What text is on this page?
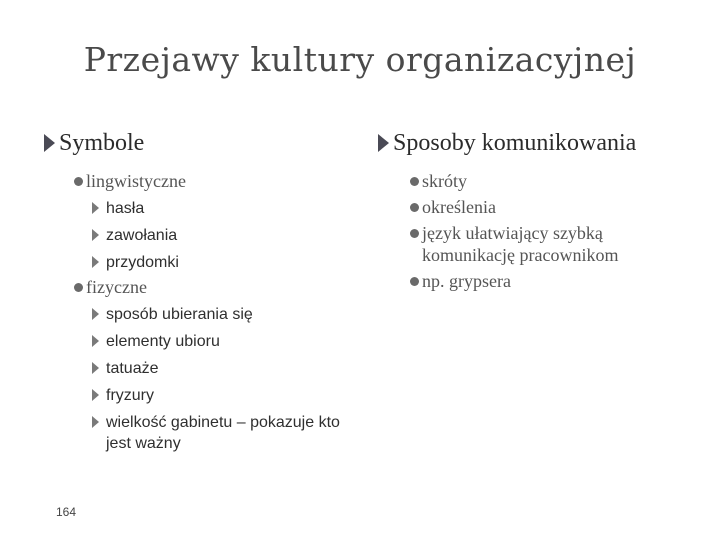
Przejawy kultury organizacyjnej
Symbole
lingwistyczne
hasła
zawołania
przydomki
fizyczne
sposób ubierania się
elementy ubioru
tatuaże
fryzury
wielkość gabinetu – pokazuje kto jest ważny
Sposoby komunikowania
skróty
określenia
język ułatwiający szybką komunikację pracownikom
np. grypsera
164
